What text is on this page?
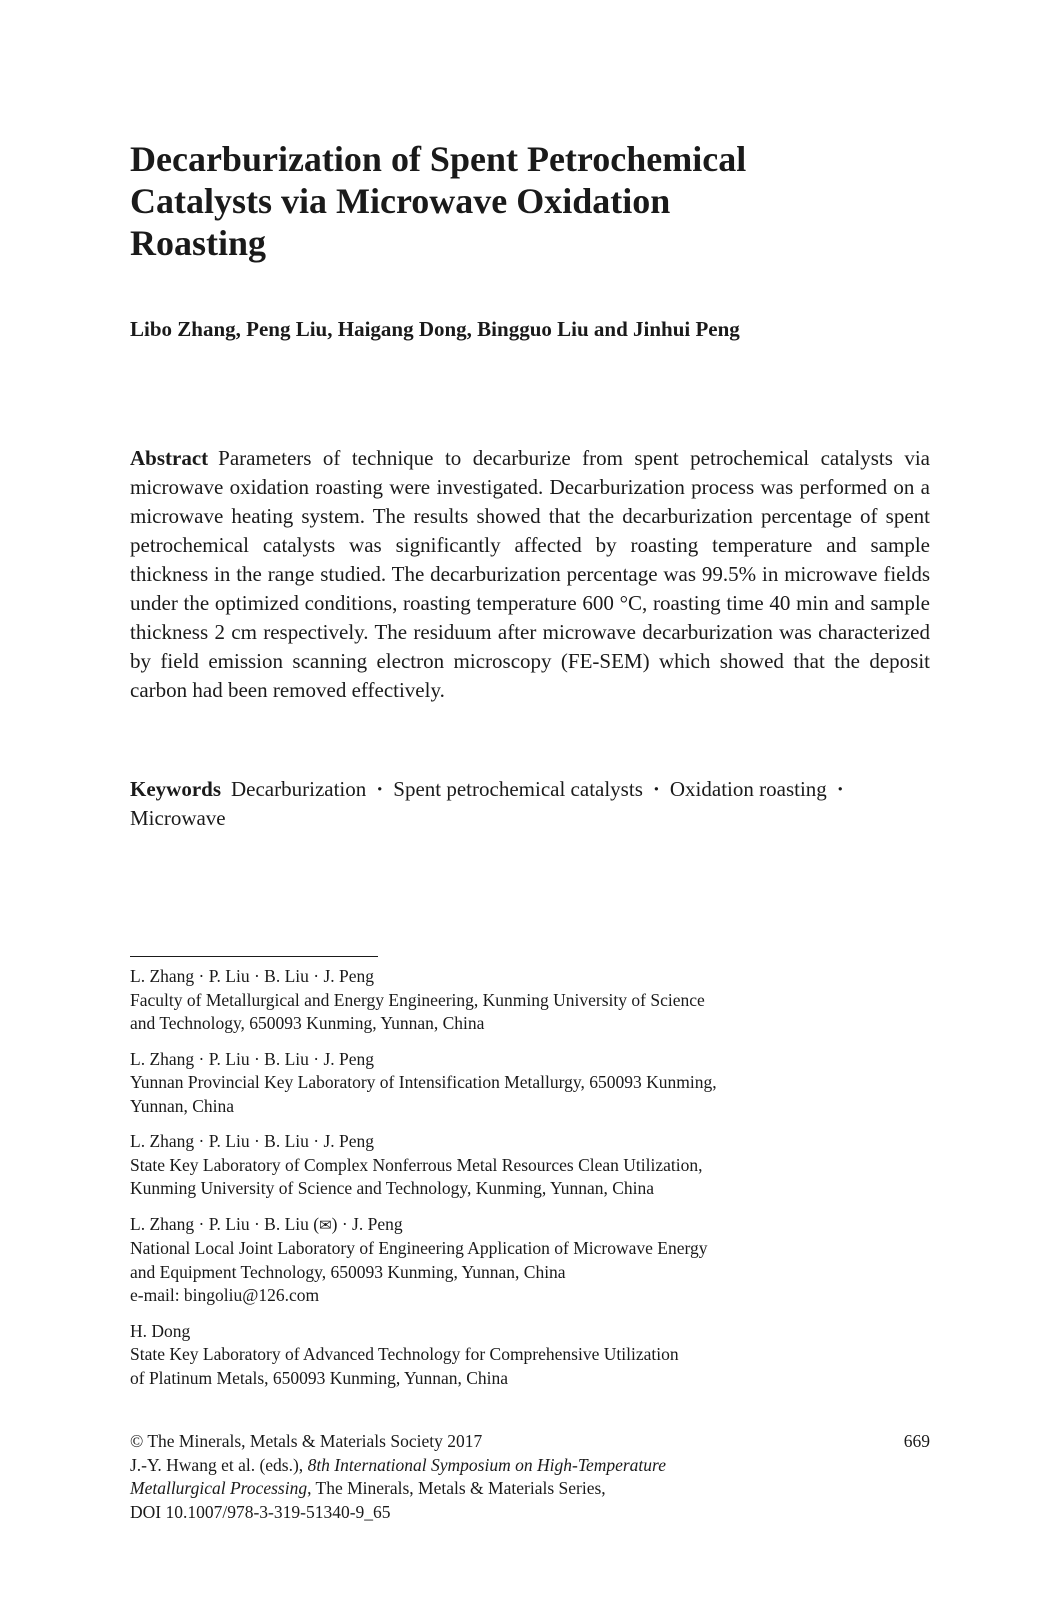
Decarburization of Spent Petrochemical
Catalysts via Microwave Oxidation
Roasting

Libo Zhang, Peng Liu, Haigang Dong, Bingguo Liu and Jinhui Peng

Abstract Parameters of technique to decarburize from spent petrochemical catalysts via microwave oxidation roasting were investigated. Decarburization process was performed on a microwave heating system. The results showed that the decarburization percentage of spent petrochemical catalysts was significantly affected by roasting temperature and sample thickness in the range studied. The decarburization percentage was 99.5% in microwave fields under the optimized conditions, roasting temperature 600 °C, roasting time 40 min and sample thickness 2 cm respectively. The residuum after microwave decarburization was characterized by field emission scanning electron microscopy (FE-SEM) which showed that the deposit carbon had been removed effectively.

Keywords Decarburization · Spent petrochemical catalysts · Oxidation roasting ·
Microwave

L. Zhang · P. Liu · B. Liu · J. Peng
Faculty of Metallurgical and Energy Engineering, Kunming University of Science
and Technology, 650093 Kunming, Yunnan, China
L. Zhang · P. Liu · B. Liu · J. Peng
Yunnan Provincial Key Laboratory of Intensification Metallurgy, 650093 Kunming,
Yunnan, China
L. Zhang · P. Liu · B. Liu · J. Peng
State Key Laboratory of Complex Nonferrous Metal Resources Clean Utilization,
Kunming University of Science and Technology, Kunming, Yunnan, China
L. Zhang · P. Liu · B. Liu (✉) · J. Peng
National Local Joint Laboratory of Engineering Application of Microwave Energy
and Equipment Technology, 650093 Kunming, Yunnan, China
e-mail: bingoliu@126.com
H. Dong
State Key Laboratory of Advanced Technology for Comprehensive Utilization
of Platinum Metals, 650093 Kunming, Yunnan, China
© The Minerals, Metals & Materials Society 2017
J.-Y. Hwang et al. (eds.), 8th International Symposium on High-Temperature
Metallurgical Processing, The Minerals, Metals & Materials Series,
DOI 10.1007/978-3-319-51340-9_65
669
